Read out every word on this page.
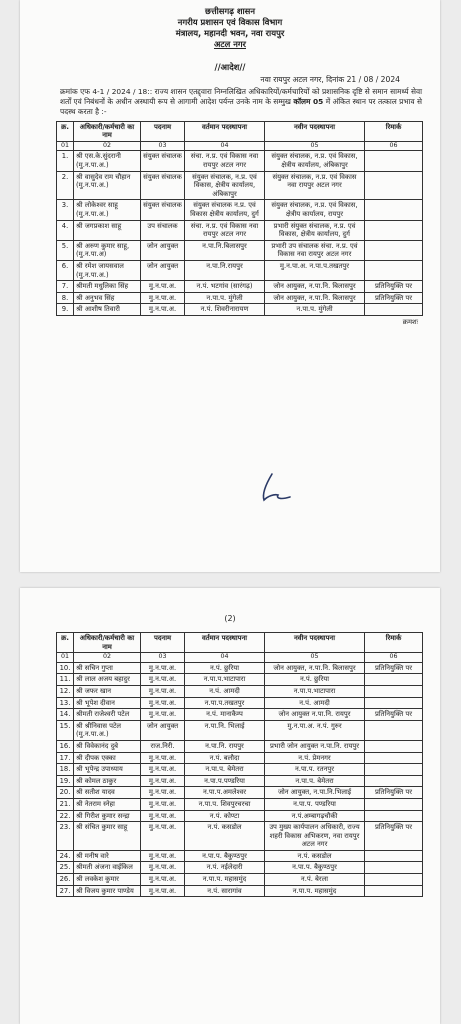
छत्तीसगढ़ शासन
नगरीय प्रशासन एवं विकास विभाग
मंत्रालय, महानदी भवन, नवा रायपुर
अटल नगर
//आदेश//
नवा रायपुर अटल नगर, दिनांक 21 / 08 / 2024
क्रमांक एफ 4-1 / 2024 / 18:: राज्य शासन एतद्द्वारा निम्नलिखित अधिकारियों/कर्मचारियों को प्रशासनिक दृष्टि से समान सामर्थ्य सेवा शर्तों एवं निबंधनों के अधीन अस्थायी रूप से आगामी आदेश पर्यन्त उनके नाम के सम्मुख कॉलम 05 में अंकित स्थान पर तत्काल प्रभाव से पदस्थ करता है :-
क्र.	अधिकारी/कर्मचारी का नाम	पदनाम	वर्तमान पदस्थापना	नवीन पदस्थापना	रिमार्क
01	02	03	04	05	06
1.	श्री एस.के.सुंदरानी (मु.न.पा.अ.)	संयुक्त संचालक	संचा. न.प्र. एवं विकास नवा रायपुर अटल नगर	संयुक्त संचालक, न.प्र. एवं विकास, क्षेत्रीय कार्यालय, अंबिकापुर	
2.	श्री वासुदेव राम चौहान (मु.न.पा.अ.)	संयुक्त संचालक	संयुक्त संचालक, न.प्र. एवं विकास, क्षेत्रीय कार्यालय, अंबिकापुर	संयुक्त संचालक, न.प्र. एवं विकास नवा रायपुर अटल नगर	
3.	श्री लोकेश्वर साहू (मु.न.पा.अ.)	संयुक्त संचालक	संयुक्त संचालक न.प्र. एवं विकास क्षेत्रीय कार्यालय, दुर्ग	संयुक्त संचालक, न.प्र. एवं विकास, क्षेत्रीय कार्यालय, रायपुर	
4.	श्री जगप्रकाश साहू	उप संचालक	संचा. न.प्र. एवं विकास नवा रायपुर अटल नगर	प्रभारी संयुक्त संचालक, न.प्र. एवं विकास, क्षेत्रीय कार्यालय, दुर्ग	
5.	श्री अरुण कुमार साहू, (मु.न.पा.अ)	जोन आयुक्त	न.पा.नि.बिलासपुर	प्रभारी उप संचालक संचा. न.प्र. एवं विकास नवा रायपुर अटल नगर	
6.	श्री रमेश जायसवाल (मु.न.पा.अ.)	जोन आयुक्त	न.पा.नि.रायपुर	मु.न.पा.अ. न.पा.प.तखतपुर	
7.	श्रीमती मधुलिका सिंह	मु.न.पा.अ.	न.पं. भटगांव (सारंगढ़)	जोन आयुक्त, न.पा.नि. बिलासपुर	प्रतिनियुक्ति पर
8.	श्री अनुभव सिंह	मु.न.पा.अ.	न.पा.प. मुंगेली	जोन आयुक्त, न.पा.नि. बिलासपुर	प्रतिनियुक्ति पर
9.	श्री आशीष तिवारी	मु.न.पा.अ.	न.पं. शिवरीनारायण	न.पा.प. मुंगेली	
क्रमशः
(2)
क्र.	अधिकारी/कर्मचारी का नाम	पदनाम	वर्तमान पदस्थापना	नवीन पदस्थापना	रिमार्क
01	02	03	04	05	06
10.	श्री सचिन गुप्ता	मु.न.पा.अ.	न.पं. छुरिया	जोन आयुक्त, न.पा.नि. बिलासपुर	प्रतिनियुक्ति पर
11.	श्री लाल अजय बहादुर	मु.न.पा.अ.	न.पा.प.भाटापारा	न.पं. छुरिया	
12.	श्री जफर खान	मु.न.पा.अ.	न.पं. आमदी	न.पा.प.भाटापारा	
13.	श्री भूपेश दीवान	मु.न.पा.अ.	न.पा.प.तखतपुर	न.पं. आमदी	
14.	श्रीमती राजेश्वरी पटेल	मु.न.पा.अ.	न.पं. मानाकैम्प	जोन आयुक्त न.पा.नि. रायपुर	प्रतिनियुक्ति पर
15.	श्री श्रीनिवास पटेल (मु.न.पा.अ.)	जोन आयुक्त	न.पा.नि. भिलाई	मु.न.पा.अ. न.पं. गुरुर	
16.	श्री विवेकानंद दुबे	राज.निरी.	न.पा.नि. रायपुर	प्रभारी जोन आयुक्त न.पा.नि. रायपुर	
17.	श्री दीपक एक्का	मु.न.पा.अ.	न.पं. बलौदा	न.पं. प्रेमनगर	
18.	श्री भूपेन्द्र उपाध्याय	मु.न.पा.अ.	न.पा.प. बेमेतरा	न.पा.प. रतनपुर	
19.	श्री कोमल ठाकुर	मु.न.पा.अ.	न.पा.प.पण्डरिया	न.पा.प. बेमेतरा	
20.	श्री सतीश यादव	मु.न.पा.अ.	न.पा.प.अमलेश्वर	जोन आयुक्त, न.पा.नि.भिलाई	प्रतिनियुक्ति पर
21.	श्री नेतराम स्नेहा	मु.न.पा.अ.	न.पा.प. शिवपुरचरचा	न.पा.प. पण्डरिया	
22.	श्री गिरीश कुमार सन्द्रा	मु.न.पा.अ.	न.पं. कोण्टा	न.पं.अम्बागढ़चौकी	
23.	श्री संचित कुमार साहू	मु.न.पा.अ.	न.पं. कसडोल	उप मुख्य कार्यपालन अधिकारी, राज्य शहरी विकास अभिकरण, नवा रायपुर अटल नगर	प्रतिनियुक्ति पर
24.	श्री मनीष वारे	मु.न.पा.अ.	न.पा.प. बैकुण्ठपुर	न.पं. कसडोल	
25.	श्रीमती अंजना वाईकिल	मु.न.पा.अ.	न.पं. नईलेदारी	न.पा.प. बैकुण्ठपुर	
26.	श्री लवकेश कुमार	मु.न.पा.अ.	न.पा.प. महासमुंद	न.पं. बेरला	
27.	श्री विजय कुमार पाण्डेय	मु.न.पा.अ.	न.पं. सारागांव	न.पा.प. महासमुंद	
